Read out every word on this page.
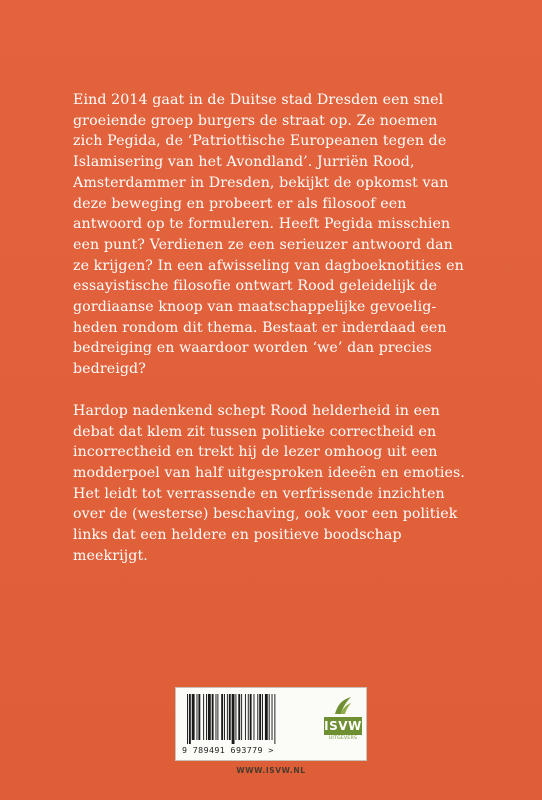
Eind 2014 gaat in de Duitse stad Dresden een snel
groeiende groep burgers de straat op. Ze noemen
zich Pegida, de ‘Patriottische Europeanen tegen de
Islamisering van het Avondland’. Jurriën Rood,
Amsterdammer in Dresden, bekijkt de opkomst van
deze beweging en probeert er als filosoof een
antwoord op te formuleren. Heeft Pegida misschien
een punt? Verdienen ze een serieuzer antwoord dan
ze krijgen? In een afwisseling van dagboeknotities en
essayistische filosofie ontwart Rood geleidelijk de
gordiaanse knoop van maatschappelijke gevoelig-
heden rondom dit thema. Bestaat er inderdaad een
bedreiging en waardoor worden ‘we’ dan precies
bedreigd?

Hardop nadenkend schept Rood helderheid in een
debat dat klem zit tussen politieke correctheid en
incorrectheid en trekt hij de lezer omhoog uit een
modderpoel van half uitgesproken ideeën en emoties.
Het leidt tot verrassende en verfrissende inzichten
over de (westerse) beschaving, ook voor een politiek
links dat een heldere en positieve boodschap
meekrijgt.

9 789491 693779 >
ISVW
UITGEVERS
WWW.ISVW.NL
